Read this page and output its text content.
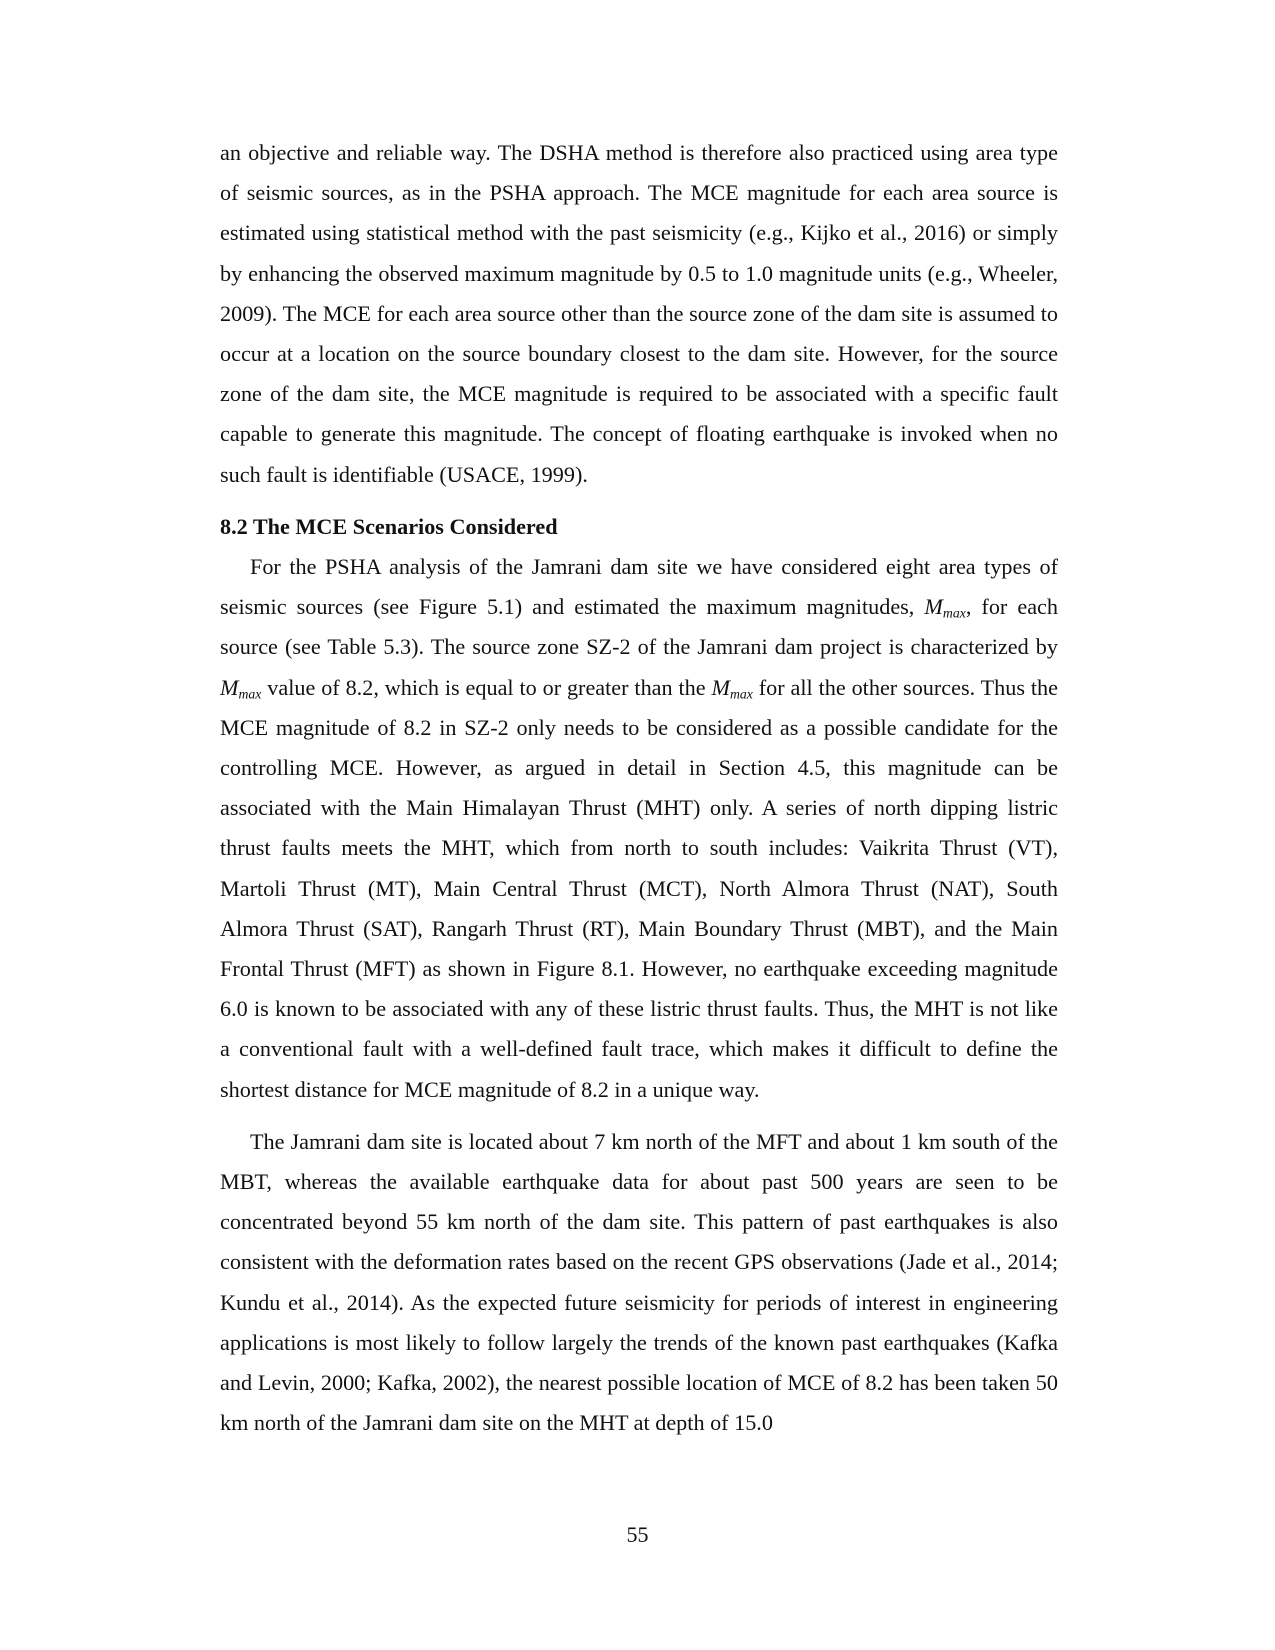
an objective and reliable way. The DSHA method is therefore also practiced using area type of seismic sources, as in the PSHA approach. The MCE magnitude for each area source is estimated using statistical method with the past seismicity (e.g., Kijko et al., 2016) or simply by enhancing the observed maximum magnitude by 0.5 to 1.0 magnitude units (e.g., Wheeler, 2009). The MCE for each area source other than the source zone of the dam site is assumed to occur at a location on the source boundary closest to the dam site. However, for the source zone of the dam site, the MCE magnitude is required to be associated with a specific fault capable to generate this magnitude. The concept of floating earthquake is invoked when no such fault is identifiable (USACE, 1999).

8.2 The MCE Scenarios Considered

For the PSHA analysis of the Jamrani dam site we have considered eight area types of seismic sources (see Figure 5.1) and estimated the maximum magnitudes, $M_{max}$, for each source (see Table 5.3). The source zone SZ-2 of the Jamrani dam project is characterized by $M_{max}$ value of 8.2, which is equal to or greater than the $M_{max}$ for all the other sources. Thus the MCE magnitude of 8.2 in SZ-2 only needs to be considered as a possible candidate for the controlling MCE. However, as argued in detail in Section 4.5, this magnitude can be associated with the Main Himalayan Thrust (MHT) only. A series of north dipping listric thrust faults meets the MHT, which from north to south includes: Vaikrita Thrust (VT), Martoli Thrust (MT), Main Central Thrust (MCT), North Almora Thrust (NAT), South Almora Thrust (SAT), Rangarh Thrust (RT), Main Boundary Thrust (MBT), and the Main Frontal Thrust (MFT) as shown in Figure 8.1. However, no earthquake exceeding magnitude 6.0 is known to be associated with any of these listric thrust faults. Thus, the MHT is not like a conventional fault with a well-defined fault trace, which makes it difficult to define the shortest distance for MCE magnitude of 8.2 in a unique way.

The Jamrani dam site is located about 7 km north of the MFT and about 1 km south of the MBT, whereas the available earthquake data for about past 500 years are seen to be concentrated beyond 55 km north of the dam site. This pattern of past earthquakes is also consistent with the deformation rates based on the recent GPS observations (Jade et al., 2014; Kundu et al., 2014). As the expected future seismicity for periods of interest in engineering applications is most likely to follow largely the trends of the known past earthquakes (Kafka and Levin, 2000; Kafka, 2002), the nearest possible location of MCE of 8.2 has been taken 50 km north of the Jamrani dam site on the MHT at depth of 15.0

55
